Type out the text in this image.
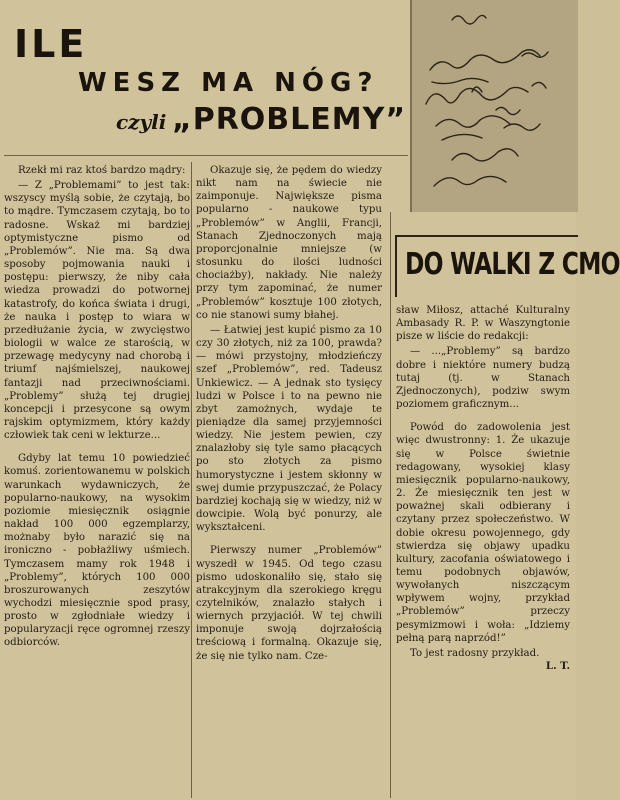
ILE
WESZ MA NÓG?
czyli „PROBLEMY”
DO WALKI Z CMO

Rzekł mi raz ktoś bardzo mądry:

— Z „Problemami” to jest tak: wszyscy myślą sobie, że czytają, bo to mądre. Tymczasem czytają, bo to radosne. Wskaż mi bardziej optymistyczne pismo od „Problemów”. Nie ma. Są dwa sposoby pojmowania nauki i postępu: pierwszy, że niby cała wiedza prowadzi do potwornej katastrofy, do końca świata i drugi, że nauka i postęp to wiara w przedłużanie życia, w zwycięstwo biologii w walce ze starością, w przewagę medycyny nad chorobą i triumf najśmielszej, naukowej fantazji nad przeciwnościami. „Problemy” służą tej drugiej koncepcji i przesycone są owym rajskim optymizmem, który każdy człowiek tak ceni w lekturze...

Gdyby lat temu 10 powiedzieć komuś. zorientowanemu w polskich warunkach wydawniczych, że popularno-naukowy, na wysokim poziomie miesięcznik osiągnie nakład 100 000 egzemplarzy, możnaby było narazić się na ironiczno - pobłażliwy uśmiech. Tymczasem mamy rok 1948 i „Problemy”, których 100 000 broszurowanych zeszytów wychodzi miesięcznie spod prasy, prosto w zgłodniałe wiedzy i popularyzacji ręce ogromnej rzeszy odbiorców.

Okazuje się, że pędem do wiedzy nikt nam na świecie nie zaimponuje. Największe pisma popularno - naukowe typu „Problemów” w Anglii, Francji, Stanach Zjednoczonych mają proporcjonalnie mniejsze (w stosunku do ilości ludności chociażby), nakłady. Nie należy przy tym zapominać, że numer „Problemów” kosztuje 100 złotych, co nie stanowi sumy błahej.

— Łatwiej jest kupić pismo za 10 czy 30 złotych, niż za 100, prawda? — mówi przystojny, młodzieńczy szef „Problemów”, red. Tadeusz Unkiewicz. — A jednak sto tysięcy ludzi w Polsce i to na pewno nie zbyt zamożnych, wydaje te pieniądze dla samej przyjemności wiedzy. Nie jestem pewien, czy znalazłoby się tyle samo płacących po sto złotych za pismo humorystyczne i jestem skłonny w swej dumie przypuszczać, że Polacy bardziej kochają się w wiedzy, niż w dowcipie. Wolą być ponurzy, ale wykształceni.

Pierwszy numer „Problemów” wyszedł w 1945. Od tego czasu pismo udoskonaliło się, stało się atrakcyjnym dla szerokiego kręgu czytelników, znalazło stałych i wiernych przyjaciół. W tej chwili imponuje swoją dojrzałością treściową i formalną. Okazuje się, że się nie tylko nam. Cze-

sław Miłosz, attaché Kulturalny Ambasady R. P. w Waszyngtonie pisze w liście do redakcji:

— ...„Problemy” są bardzo dobre i niektóre numery budzą tutaj (tj. w Stanach Zjednoczonych), podziw swym poziomem graficznym...

Powód do zadowolenia jest więc dwustronny: 1. Że ukazuje się w Polsce świetnie redagowany, wysokiej klasy miesięcznik popularno-naukowy, 2. Że miesięcznik ten jest w poważnej skali odbierany i czytany przez społeczeństwo. W dobie okresu powojennego, gdy stwierdza się objawy upadku kultury, zacofania oświatowego i temu podobnych objawów, wywołanych niszczącym wpływem wojny, przykład „Problemów” przeczy pesymizmowi i woła: „Idziemy pełną parą naprzód!”

To jest radosny przykład.
L. T.
